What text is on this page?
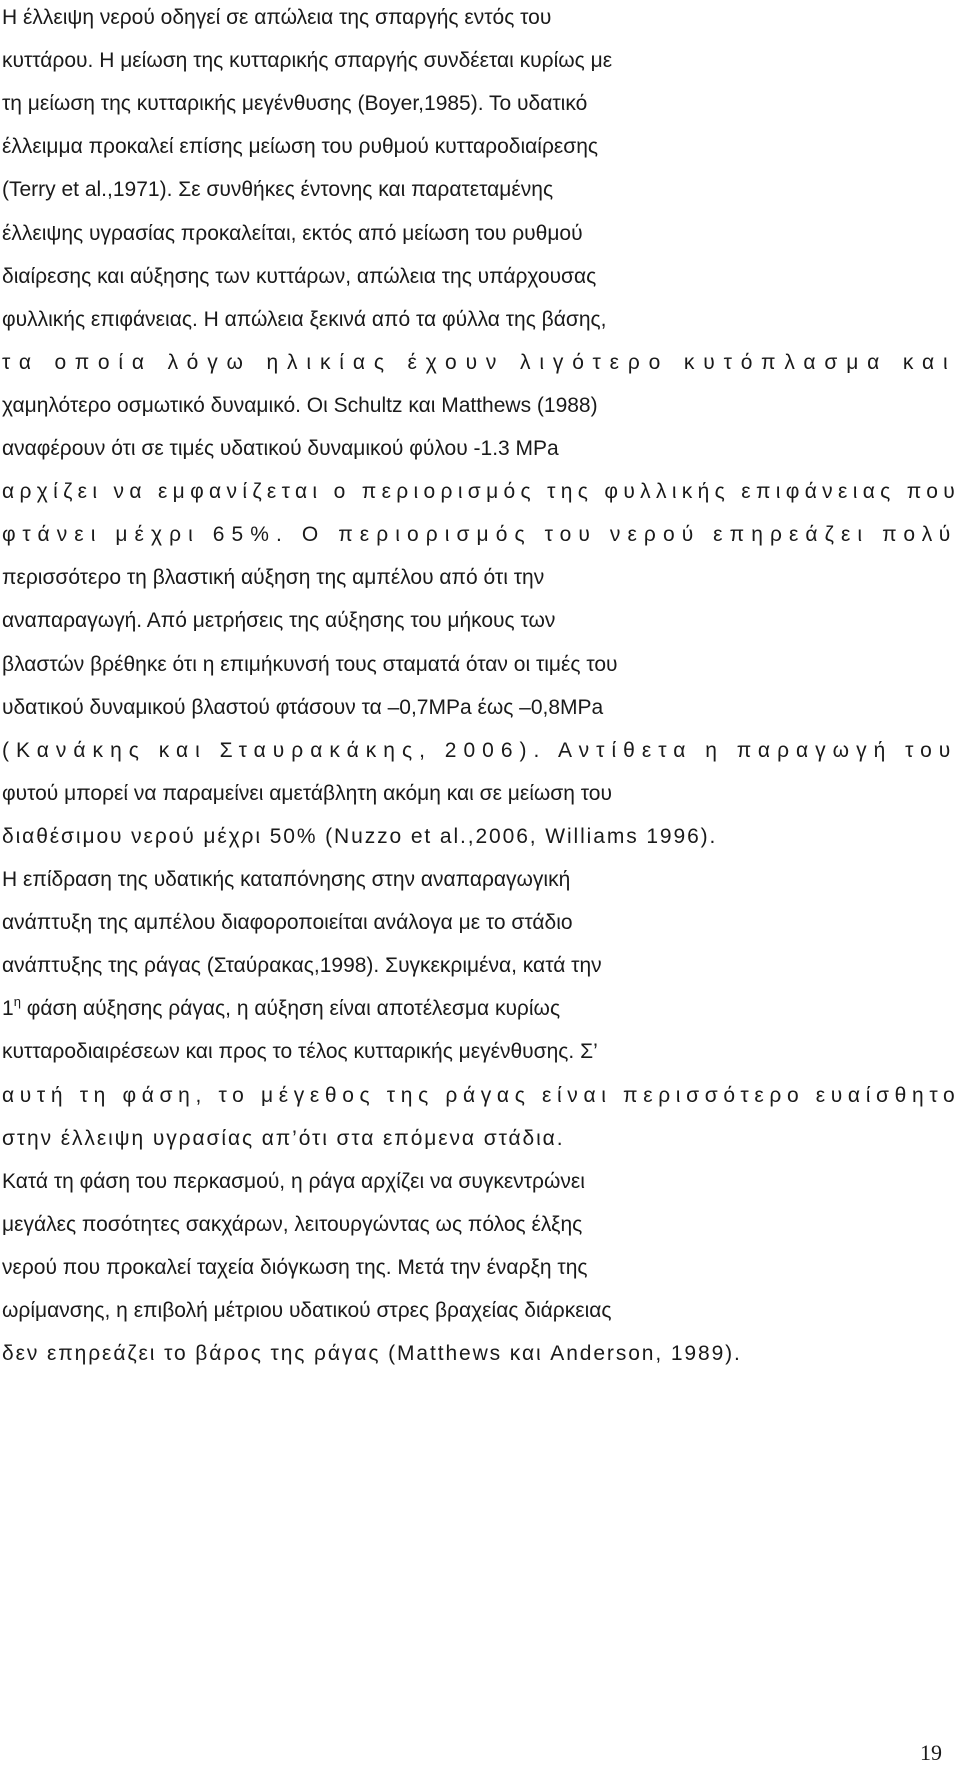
Η έλλειψη νερού οδηγεί σε απώλεια της σπαργής εντός του
κυττάρου. Η μείωση της κυτταρικής σπαργής συνδέεται κυρίως με
τη μείωση της κυτταρικής μεγένθυσης (Boyer,1985). Το υδατικό
έλλειμμα προκαλεί επίσης μείωση του ρυθμού κυτταροδιαίρεσης
(Terry et al.,1971). Σε συνθήκες έντονης και παρατεταμένης
έλλειψης υγρασίας προκαλείται, εκτός από μείωση του ρυθμού
διαίρεσης και αύξησης των κυττάρων, απώλεια της υπάρχουσας
φυλλικής επιφάνειας. Η απώλεια ξεκινά από τα φύλλα της βάσης,
τα οποία λόγω ηλικίας έχουν λιγότερο κυτόπλασμα και
χαμηλότερο οσμωτικό δυναμικό. Οι Schultz και Matthews (1988)
αναφέρουν ότι σε τιμές υδατικού δυναμικού φύλου -1.3 MPa
αρχίζει να εμφανίζεται ο περιορισμός της φυλλικής επιφάνειας που
φτάνει μέχρι 65%. Ο περιορισμός του νερού επηρεάζει πολύ
περισσότερο τη βλαστική αύξηση της αμπέλου από ότι την
αναπαραγωγή. Από μετρήσεις της αύξησης του μήκους των
βλαστών βρέθηκε ότι η επιμήκυνσή τους σταματά όταν οι τιμές του
υδατικού δυναμικού βλαστού φτάσουν τα –0,7MPa έως –0,8MPa
(Κανάκης και Σταυρακάκης, 2006). Αντίθετα η παραγωγή του
φυτού μπορεί να παραμείνει αμετάβλητη ακόμη και σε μείωση του
διαθέσιμου νερού μέχρι 50% (Nuzzo et al.,2006, Williams 1996).
Η επίδραση της υδατικής καταπόνησης στην αναπαραγωγική
ανάπτυξη της αμπέλου διαφοροποιείται ανάλογα με το στάδιο
ανάπτυξης της ράγας (Σταύρακας,1998). Συγκεκριμένα, κατά την
$1^\eta$ φάση αύξησης ράγας, η αύξηση είναι αποτέλεσμα κυρίως
κυτταροδιαιρέσεων και προς το τέλος κυτταρικής μεγένθυσης. Σ’
αυτή τη φάση, το μέγεθος της ράγας είναι περισσότερο ευαίσθητο
στην έλλειψη υγρασίας απ’ότι στα επόμενα στάδια.
Κατά τη φάση του περκασμού, η ράγα αρχίζει να συγκεντρώνει
μεγάλες ποσότητες σακχάρων, λειτουργώντας ως πόλος έλξης
νερού που προκαλεί ταχεία διόγκωση της. Μετά την έναρξη της
ωρίμανσης, η επιβολή μέτριου υδατικού στρες βραχείας διάρκειας
δεν επηρεάζει το βάρος της ράγας (Matthews και Anderson, 1989).
19
